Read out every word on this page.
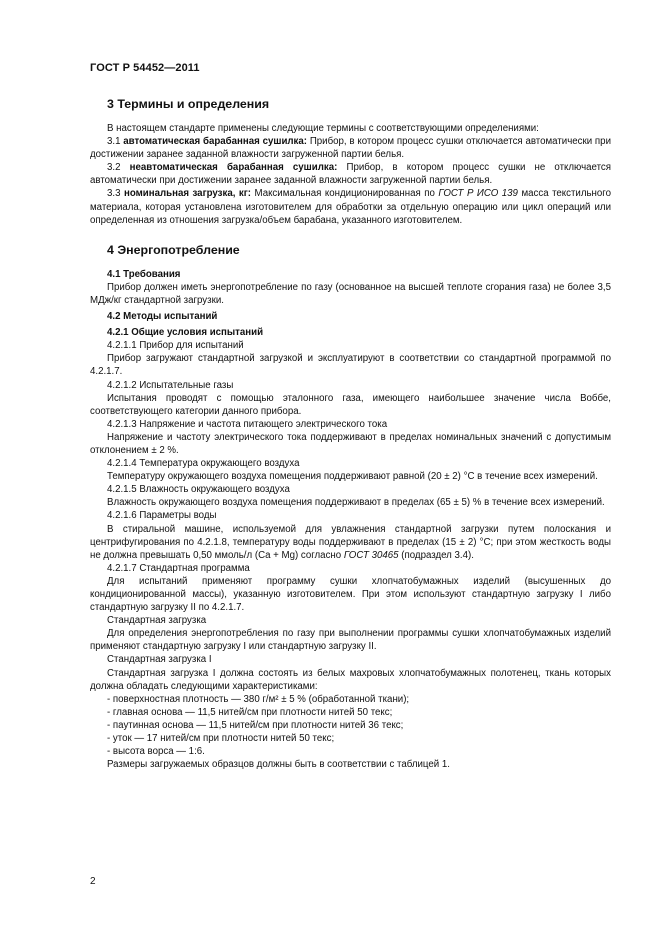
ГОСТ Р 54452—2011
3 Термины и определения

В настоящем стандарте применены следующие термины с соответствующими определениями:

3.1 автоматическая барабанная сушилка: Прибор, в котором процесс сушки отключается автоматически при достижении заранее заданной влажности загруженной партии белья.

3.2 неавтоматическая барабанная сушилка: Прибор, в котором процесс сушки не отключается автоматически при достижении заранее заданной влажности загруженной партии белья.

3.3 номинальная загрузка, кг: Максимальная кондиционированная по ГОСТ Р ИСО 139 масса текстильного материала, которая установлена изготовителем для обработки за отдельную операцию или цикл операций или определенная из отношения загрузка/объем барабана, указанного изготовителем.

4 Энергопотребление

4.1 Требования

Прибор должен иметь энергопотребление по газу (основанное на высшей теплоте сгорания газа) не более 3,5 МДж/кг стандартной загрузки.

4.2 Методы испытаний

4.2.1 Общие условия испытаний

4.2.1.1 Прибор для испытаний

Прибор загружают стандартной загрузкой и эксплуатируют в соответствии со стандартной программой по 4.2.1.7.

4.2.1.2 Испытательные газы

Испытания проводят с помощью эталонного газа, имеющего наибольшее значение числа Воббе, соответствующего категории данного прибора.

4.2.1.3 Напряжение и частота питающего электрического тока

Напряжение и частоту электрического тока поддерживают в пределах номинальных значений с допустимым отклонением ± 2 %.

4.2.1.4 Температура окружающего воздуха

Температуру окружающего воздуха помещения поддерживают равной (20 ± 2) °С в течение всех измерений.

4.2.1.5 Влажность окружающего воздуха

Влажность окружающего воздуха помещения поддерживают в пределах (65 ± 5) % в течение всех измерений.

4.2.1.6 Параметры воды

В стиральной машине, используемой для увлажнения стандартной загрузки путем полоскания и центрифугирования по 4.2.1.8, температуру воды поддерживают в пределах (15 ± 2) °С; при этом жесткость воды не должна превышать 0,50 ммоль/л (Ca + Mg) согласно ГОСТ 30465 (подраздел 3.4).

4.2.1.7 Стандартная программа

Для испытаний применяют программу сушки хлопчатобумажных изделий (высушенных до кондиционированной массы), указанную изготовителем. При этом используют стандартную загрузку I либо стандартную загрузку II по 4.2.1.7.

Стандартная загрузка

Для определения энергопотребления по газу при выполнении программы сушки хлопчатобумажных изделий применяют стандартную загрузку I или стандартную загрузку II.

Стандартная загрузка I

Стандартная загрузка I должна состоять из белых махровых хлопчатобумажных полотенец, ткань которых должна обладать следующими характеристиками:

- поверхностная плотность — 380 г/м² ± 5 % (обработанной ткани);

- главная основа — 11,5 нитей/см при плотности нитей 50 текс;

- паутинная основа — 11,5 нитей/см при плотности нитей 36 текс;

- уток — 17 нитей/см при плотности нитей 50 текс;

- высота ворса — 1:6.

Размеры загружаемых образцов должны быть в соответствии с таблицей 1.

2
